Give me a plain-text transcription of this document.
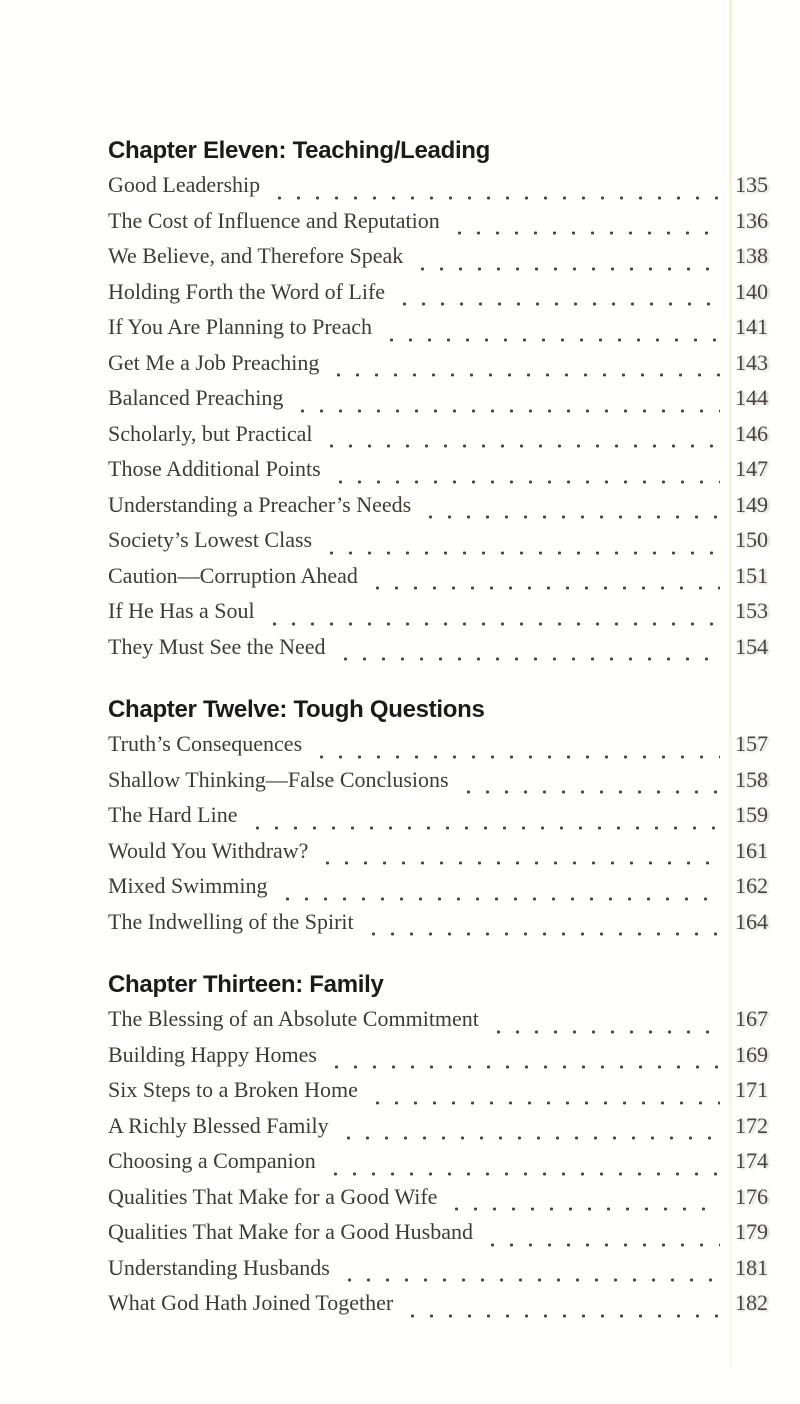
Chapter Eleven: Teaching/Leading
Good Leadership	135
The Cost of Influence and Reputation	136
We Believe, and Therefore Speak	138
Holding Forth the Word of Life	140
If You Are Planning to Preach	141
Get Me a Job Preaching	143
Balanced Preaching	144
Scholarly, but Practical	146
Those Additional Points	147
Understanding a Preacher’s Needs	149
Society’s Lowest Class	150
Caution—Corruption Ahead	151
If He Has a Soul	153
They Must See the Need	154
Chapter Twelve: Tough Questions
Truth’s Consequences	157
Shallow Thinking—False Conclusions	158
The Hard Line	159
Would You Withdraw?	161
Mixed Swimming	162
The Indwelling of the Spirit	164
Chapter Thirteen: Family
The Blessing of an Absolute Commitment	167
Building Happy Homes	169
Six Steps to a Broken Home	171
A Richly Blessed Family	172
Choosing a Companion	174
Qualities That Make for a Good Wife	176
Qualities That Make for a Good Husband	179
Understanding Husbands	181
What God Hath Joined Together	182
